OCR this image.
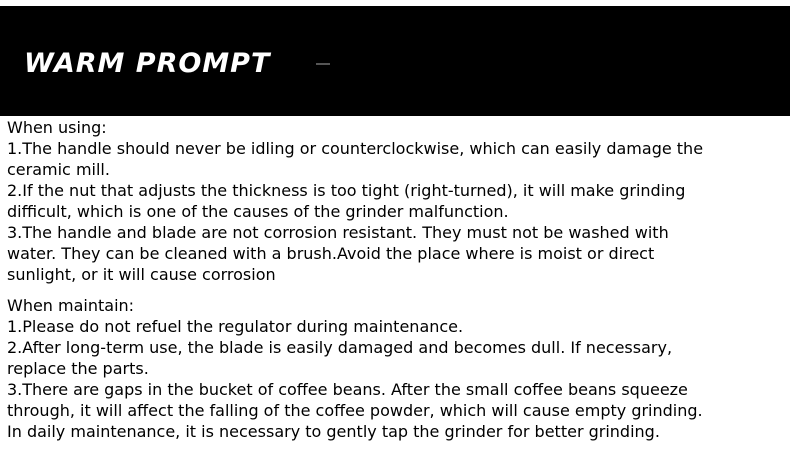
WARM PROMPT

When using:

1.The handle should never be idling or counterclockwise, which can easily damage the

ceramic mill.

2.If the nut that adjusts the thickness is too tight (right-turned), it will make grinding

difficult, which is one of the causes of the grinder malfunction.

3.The handle and blade are not corrosion resistant. They must not be washed with

water. They can be cleaned with a brush.Avoid the place where is moist or direct

sunlight, or it will cause corrosion

When maintain:

1.Please do not refuel the regulator during maintenance.

2.After long-term use, the blade is easily damaged and becomes dull. If necessary,

replace the parts.

3.There are gaps in the bucket of coffee beans. After the small coffee beans squeeze

through, it will affect the falling of the coffee powder, which will cause empty grinding.

In daily maintenance, it is necessary to gently tap the grinder for better grinding.
